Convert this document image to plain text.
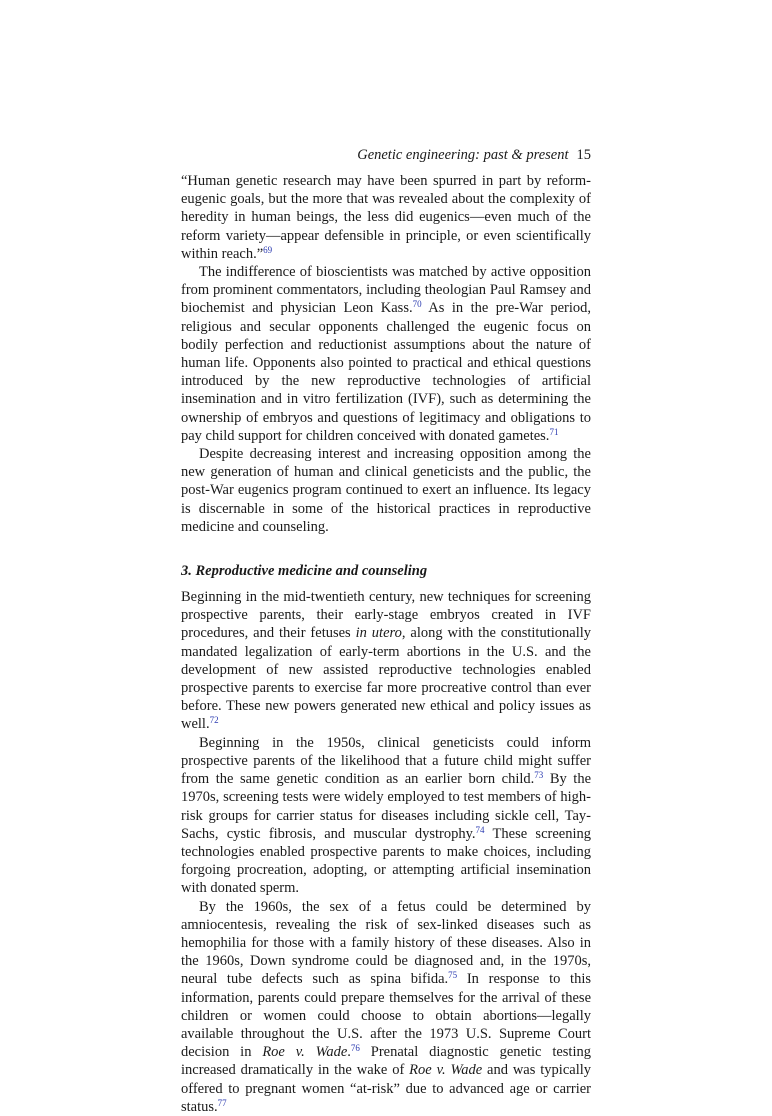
Genetic engineering: past & present 15

“Human genetic research may have been spurred in part by reform-eugenic goals, but the more that was revealed about the complexity of heredity in human beings, the less did eugenics—even much of the reform variety—appear defensible in principle, or even scientifically within reach.”$^{69}$

The indifference of bioscientists was matched by active opposition from prominent commentators, including theologian Paul Ramsey and biochemist and physician Leon Kass.$^{70}$ As in the pre-War period, religious and secular opponents challenged the eugenic focus on bodily perfection and reductionist assumptions about the nature of human life. Opponents also pointed to practical and ethical questions introduced by the new reproductive technologies of artificial insemination and in vitro fertilization (IVF), such as determining the ownership of embryos and questions of legitimacy and obligations to pay child support for children conceived with donated gametes.$^{71}$

Despite decreasing interest and increasing opposition among the new generation of human and clinical geneticists and the public, the post-War eugenics program continued to exert an influence. Its legacy is discernable in some of the historical practices in reproductive medicine and counseling.

3. Reproductive medicine and counseling

Beginning in the mid-twentieth century, new techniques for screening prospective parents, their early-stage embryos created in IVF procedures, and their fetuses in utero, along with the constitutionally mandated legalization of early-term abortions in the U.S. and the development of new assisted reproductive technologies enabled prospective parents to exercise far more procreative control than ever before. These new powers generated new ethical and policy issues as well.$^{72}$

Beginning in the 1950s, clinical geneticists could inform prospective parents of the likelihood that a future child might suffer from the same genetic condition as an earlier born child.$^{73}$ By the 1970s, screening tests were widely employed to test members of high-risk groups for carrier status for diseases including sickle cell, Tay-Sachs, cystic fibrosis, and muscular dystrophy.$^{74}$ These screening technologies enabled prospective parents to make choices, including forgoing procreation, adopting, or attempting artificial insemination with donated sperm.

By the 1960s, the sex of a fetus could be determined by amniocentesis, revealing the risk of sex-linked diseases such as hemophilia for those with a family history of these diseases. Also in the 1960s, Down syndrome could be diagnosed and, in the 1970s, neural tube defects such as spina bifida.$^{75}$ In response to this information, parents could prepare themselves for the arrival of these children or women could choose to obtain abortions—legally available throughout the U.S. after the 1973 U.S. Supreme Court decision in Roe v. Wade.$^{76}$ Prenatal diagnostic genetic testing increased dramatically in the wake of Roe v. Wade and was typically offered to pregnant women “at-risk” due to advanced age or carrier status.$^{77}$
